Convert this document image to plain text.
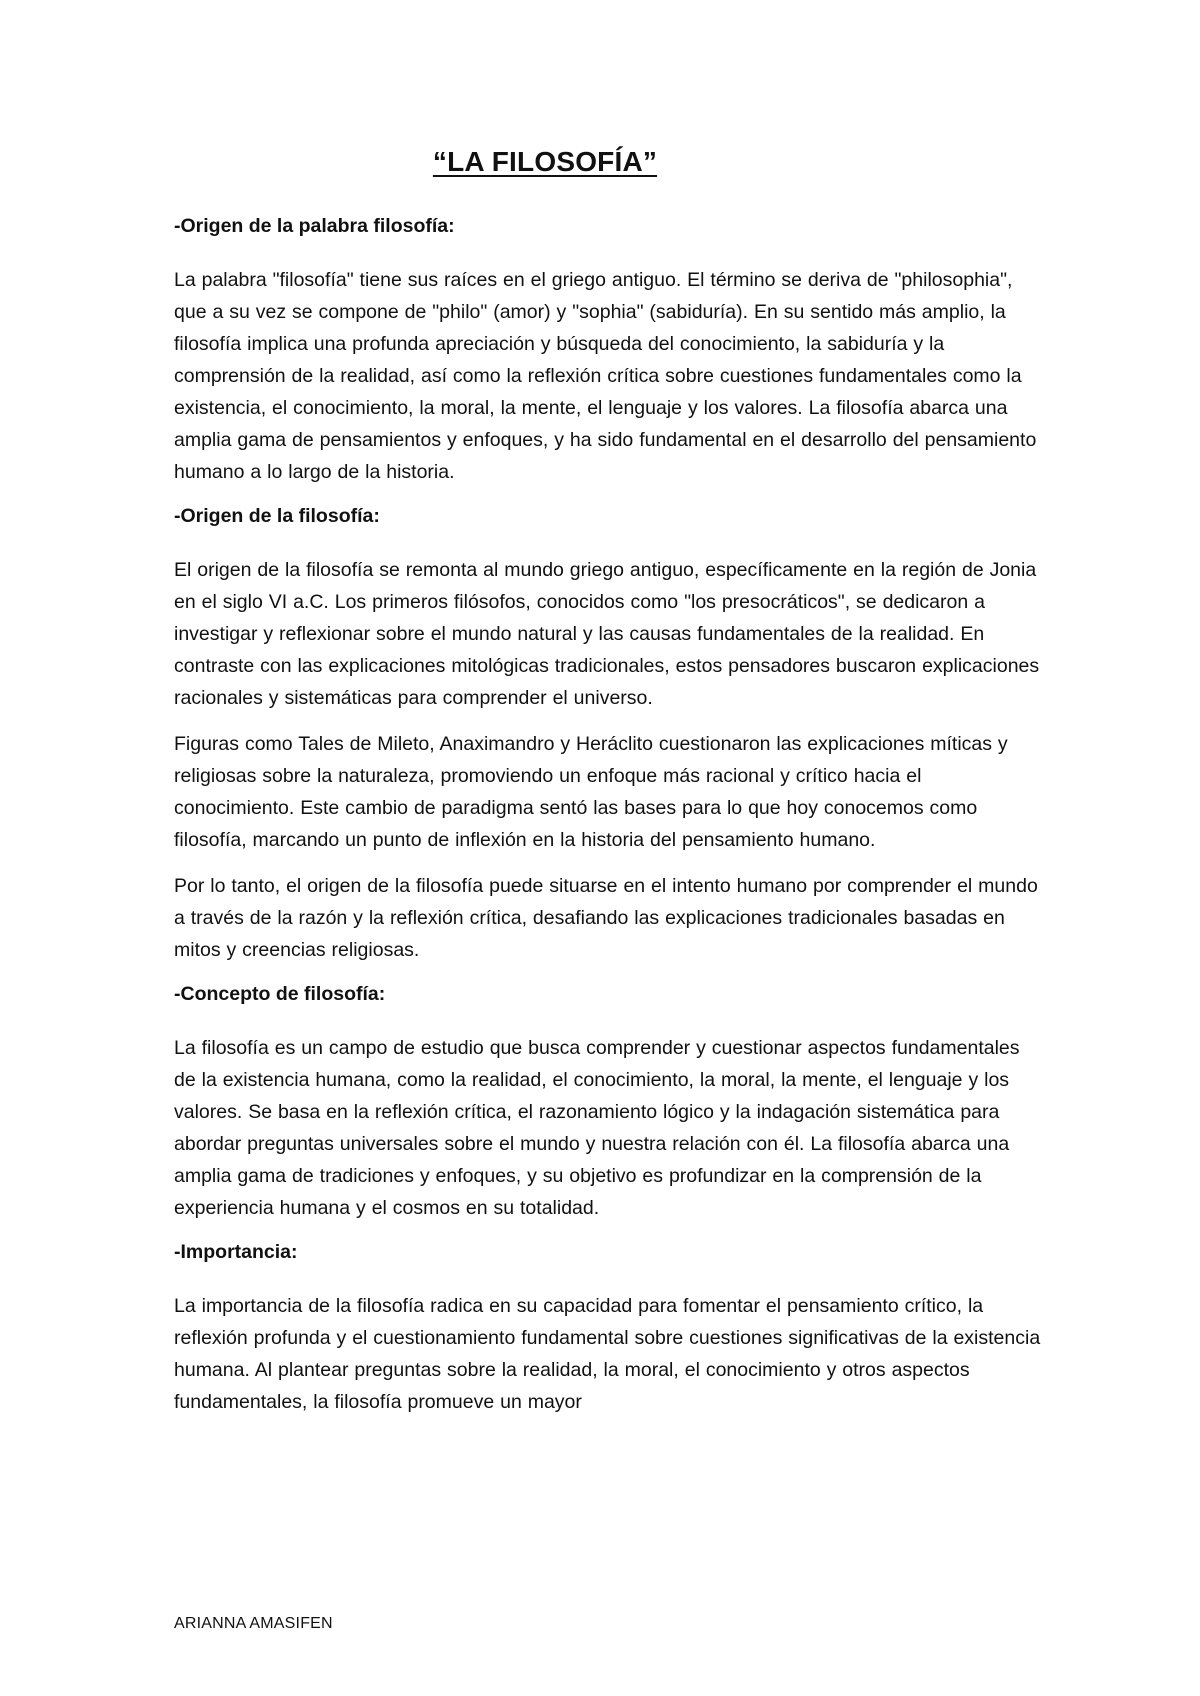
“LA FILOSOFÍA”

-Origen de la palabra filosofía:

La palabra "filosofía" tiene sus raíces en el griego antiguo. El término se deriva de "philosophia", que a su vez se compone de "philo" (amor) y "sophia" (sabiduría). En su sentido más amplio, la filosofía implica una profunda apreciación y búsqueda del conocimiento, la sabiduría y la comprensión de la realidad, así como la reflexión crítica sobre cuestiones fundamentales como la existencia, el conocimiento, la moral, la mente, el lenguaje y los valores. La filosofía abarca una amplia gama de pensamientos y enfoques, y ha sido fundamental en el desarrollo del pensamiento humano a lo largo de la historia.

-Origen de la filosofía:

El origen de la filosofía se remonta al mundo griego antiguo, específicamente en la región de Jonia en el siglo VI a.C. Los primeros filósofos, conocidos como "los presocráticos", se dedicaron a investigar y reflexionar sobre el mundo natural y las causas fundamentales de la realidad. En contraste con las explicaciones mitológicas tradicionales, estos pensadores buscaron explicaciones racionales y sistemáticas para comprender el universo.

Figuras como Tales de Mileto, Anaximandro y Heráclito cuestionaron las explicaciones míticas y religiosas sobre la naturaleza, promoviendo un enfoque más racional y crítico hacia el conocimiento. Este cambio de paradigma sentó las bases para lo que hoy conocemos como filosofía, marcando un punto de inflexión en la historia del pensamiento humano.

Por lo tanto, el origen de la filosofía puede situarse en el intento humano por comprender el mundo a través de la razón y la reflexión crítica, desafiando las explicaciones tradicionales basadas en mitos y creencias religiosas.

-Concepto de filosofía:

La filosofía es un campo de estudio que busca comprender y cuestionar aspectos fundamentales de la existencia humana, como la realidad, el conocimiento, la moral, la mente, el lenguaje y los valores. Se basa en la reflexión crítica, el razonamiento lógico y la indagación sistemática para abordar preguntas universales sobre el mundo y nuestra relación con él. La filosofía abarca una amplia gama de tradiciones y enfoques, y su objetivo es profundizar en la comprensión de la experiencia humana y el cosmos en su totalidad.

-Importancia:

La importancia de la filosofía radica en su capacidad para fomentar el pensamiento crítico, la reflexión profunda y el cuestionamiento fundamental sobre cuestiones significativas de la existencia humana. Al plantear preguntas sobre la realidad, la moral, el conocimiento y otros aspectos fundamentales, la filosofía promueve un mayor

ARIANNA AMASIFEN
